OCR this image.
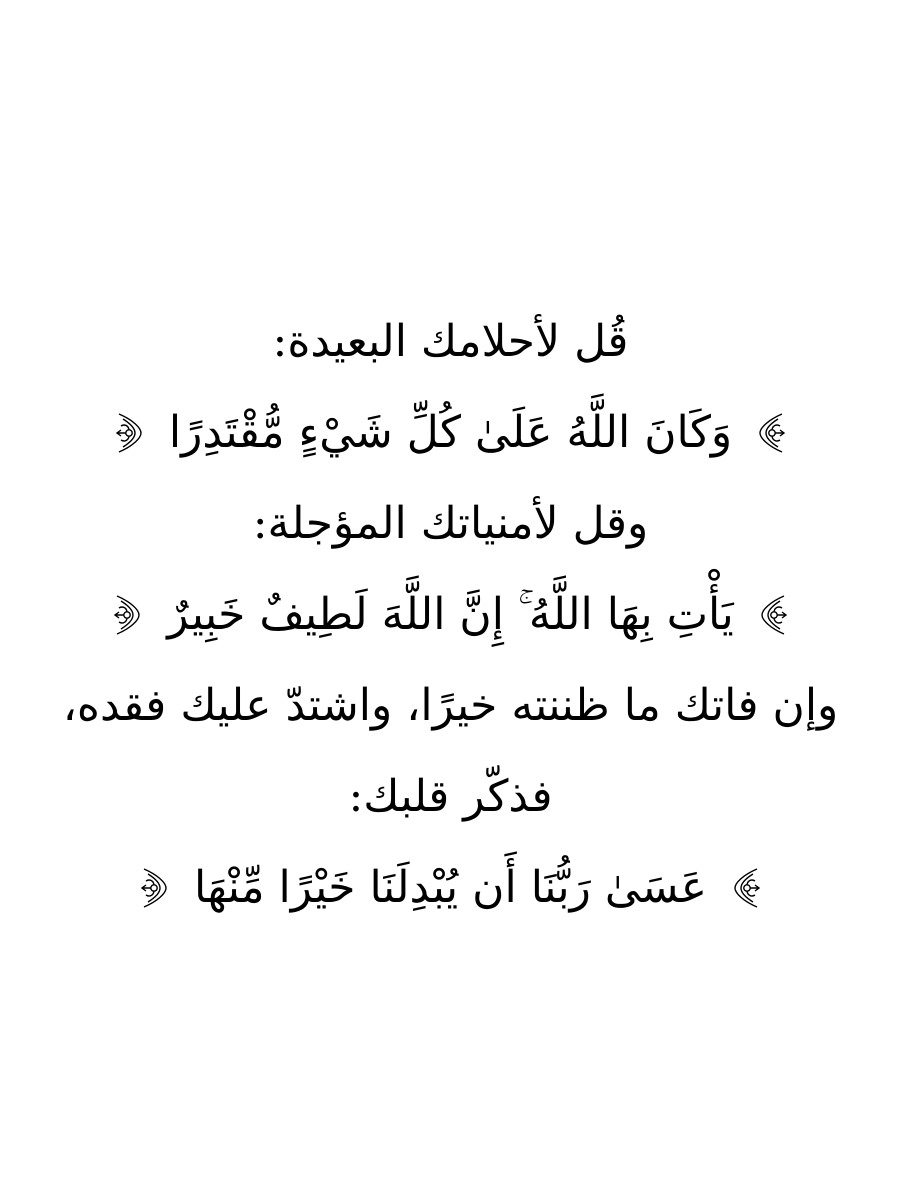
قُل لأحلامك البعيدة:
وَكَانَ اللَّهُ عَلَىٰ كُلِّ شَيْءٍ مُّقْتَدِرًا
وقل لأمنياتك المؤجلة:
يَأْتِ بِهَا اللَّهُ ۚ إِنَّ اللَّهَ لَطِيفٌ خَبِيرٌ
وإن فاتك ما ظننته خيرًا، واشتدّ عليك فقده،
فذكّر قلبك:
عَسَىٰ رَبُّنَا أَن يُبْدِلَنَا خَيْرًا مِّنْهَا
